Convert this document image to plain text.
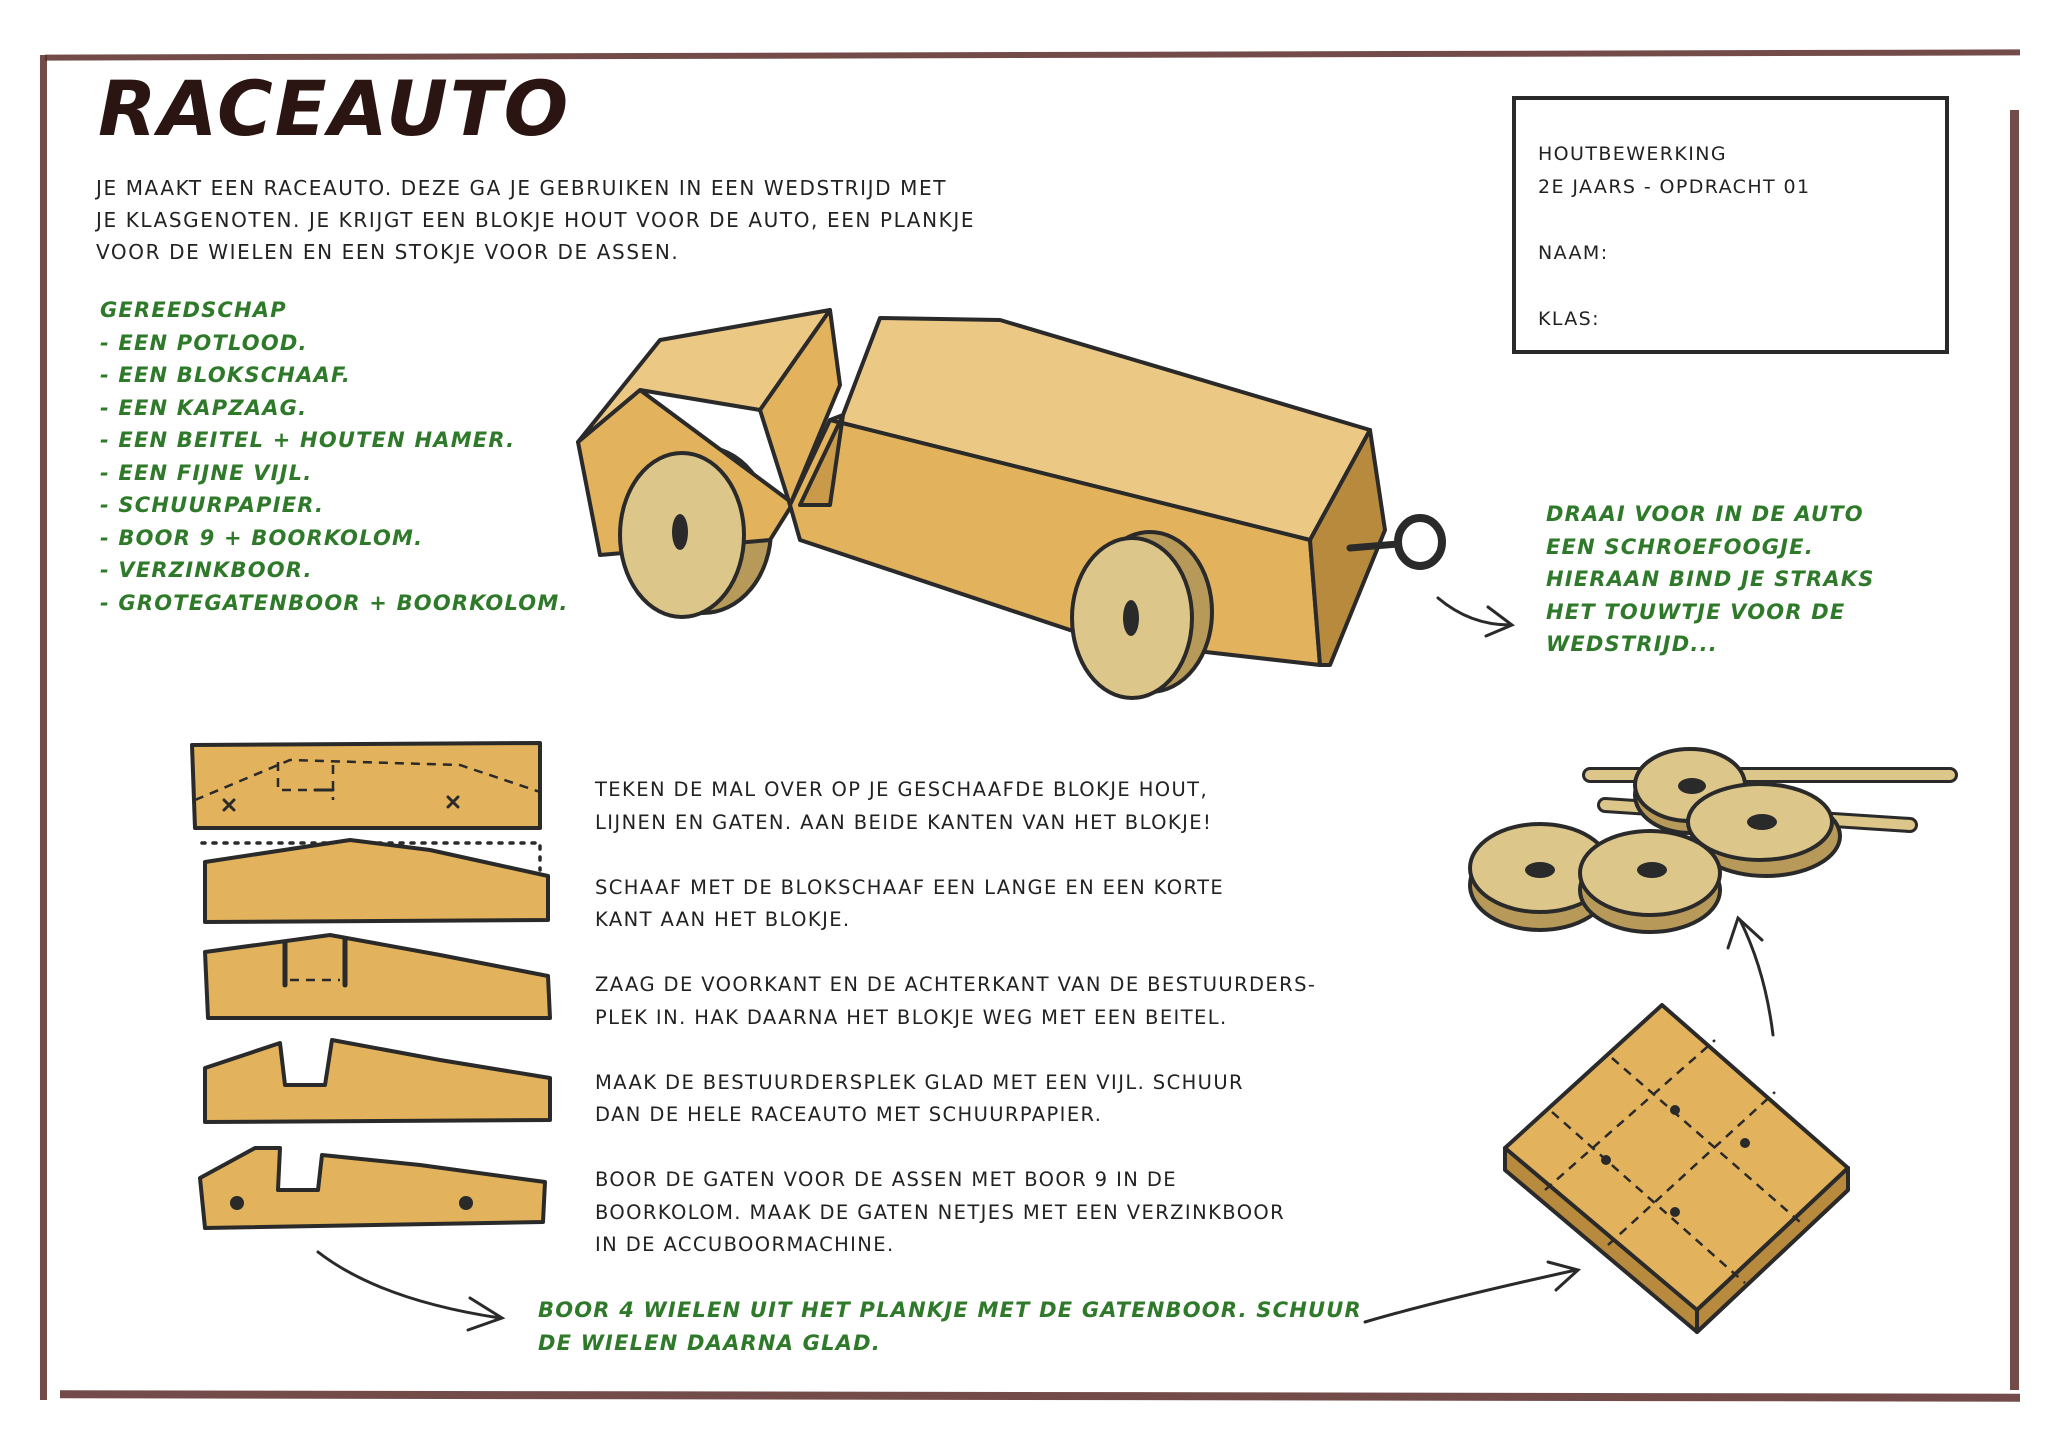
RACEAUTO
JE MAAKT EEN RACEAUTO. DEZE GA JE GEBRUIKEN IN EEN WEDSTRIJD MET
JE KLASGENOTEN. JE KRIJGT EEN BLOKJE HOUT VOOR DE AUTO, EEN PLANKJE
VOOR DE WIELEN EN EEN STOKJE VOOR DE ASSEN.
GEREEDSCHAP
- EEN POTLOOD.
- EEN BLOKSCHAAF.
- EEN KAPZAAG.
- EEN BEITEL + HOUTEN HAMER.
- EEN FIJNE VIJL.
- SCHUURPAPIER.
- BOOR 9 + BOORKOLOM.
- VERZINKBOOR.
- GROTEGATENBOOR + BOORKOLOM.
HOUTBEWERKING
2E JAARS - OPDRACHT 01
NAAM:
KLAS:
DRAAI VOOR IN DE AUTO
EEN SCHROEFOOGJE.
HIERAAN BIND JE STRAKS
HET TOUWTJE VOOR DE
WEDSTRIJD...
TEKEN DE MAL OVER OP JE GESCHAAFDE BLOKJE HOUT,
LIJNEN EN GATEN. AAN BEIDE KANTEN VAN HET BLOKJE!
SCHAAF MET DE BLOKSCHAAF EEN LANGE EN EEN KORTE
KANT AAN HET BLOKJE.
ZAAG DE VOORKANT EN DE ACHTERKANT VAN DE BESTUURDERS-
PLEK IN. HAK DAARNA HET BLOKJE WEG MET EEN BEITEL.
MAAK DE BESTUURDERSPLEK GLAD MET EEN VIJL. SCHUUR
DAN DE HELE RACEAUTO MET SCHUURPAPIER.
BOOR DE GATEN VOOR DE ASSEN MET BOOR 9 IN DE
BOORKOLOM. MAAK DE GATEN NETJES MET EEN VERZINKBOOR
IN DE ACCUBOORMACHINE.
BOOR 4 WIELEN UIT HET PLANKJE MET DE GATENBOOR. SCHUUR
DE WIELEN DAARNA GLAD.
